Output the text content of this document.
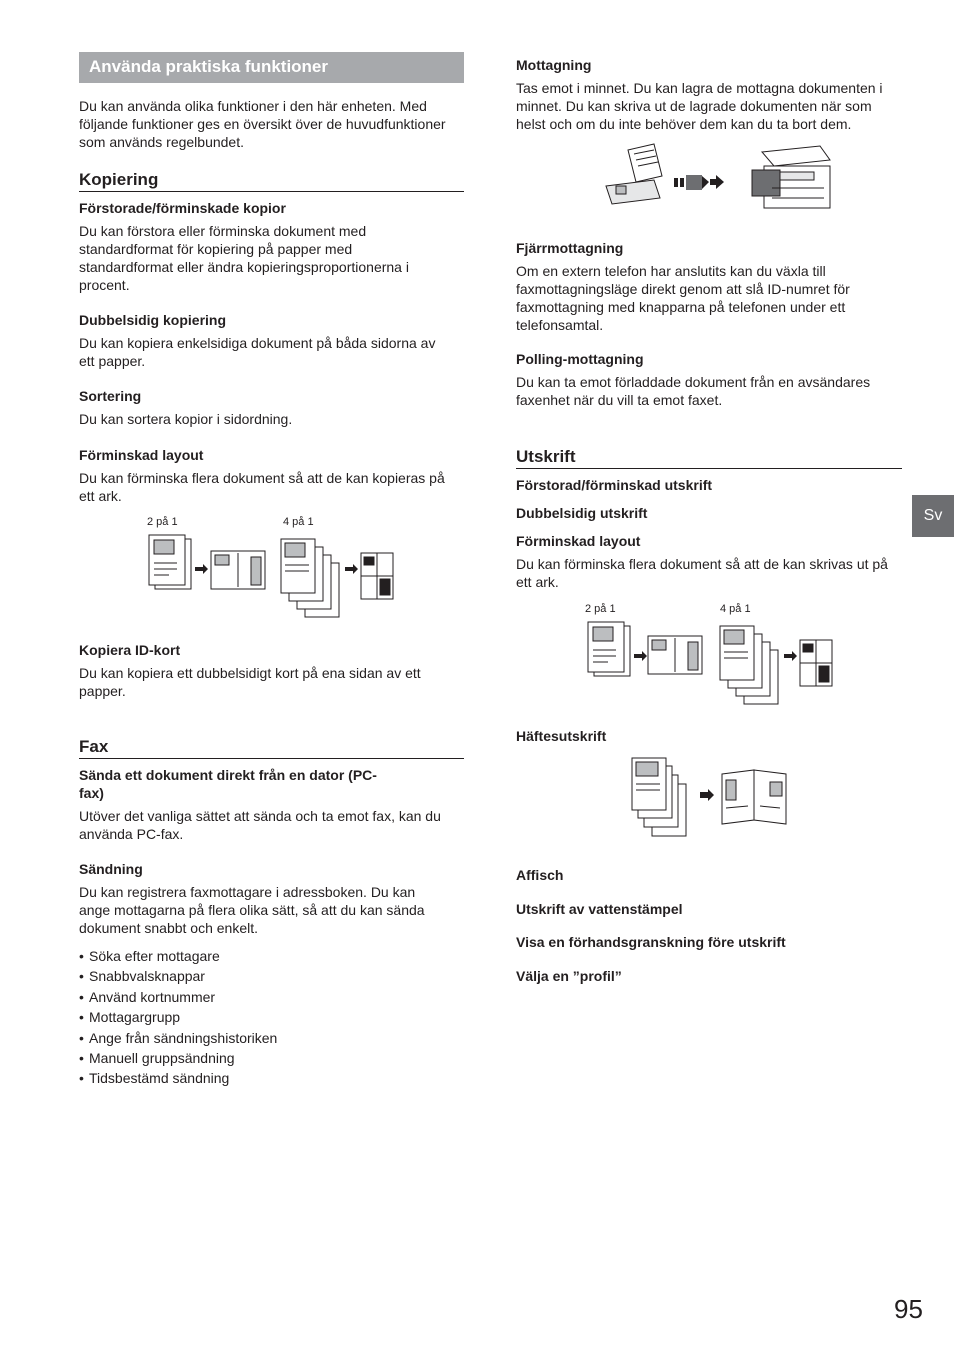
Använda praktiska funktioner

Du kan använda olika funktioner i den här enheten. Med följande funktioner ges en översikt över de huvudfunktioner som används regelbundet.

Kopiering
Förstorade/förminskade kopior

Du kan förstora eller förminska dokument med standardformat för kopiering på papper med standardformat eller ändra kopieringsproportionerna i procent.

Dubbelsidig kopiering

Du kan kopiera enkelsidiga dokument på båda sidorna av ett papper.

Sortering

Du kan sortera kopior i sidordning.

Förminskad layout

Du kan förminska flera dokument så att de kan kopieras på ett ark.

2 på 1	4 på 1
Kopiera ID-kort

Du kan kopiera ett dubbelsidigt kort på ena sidan av ett papper.

Fax
Sända ett dokument direkt från en dator (PC-fax)

Utöver det vanliga sättet att sända och ta emot fax, kan du använda PC-fax.

Sändning

Du kan registrera faxmottagare i adressboken. Du kan ange mottagarna på flera olika sätt, så att du kan sända dokument snabbt och enkelt.

• Söka efter mottagare
• Snabbvalsknappar
• Använd kortnummer
• Mottagargrupp
• Ange från sändningshistoriken
• Manuell gruppsändning
• Tidsbestämd sändning
Mottagning

Tas emot i minnet. Du kan lagra de mottagna dokumenten i minnet. Du kan skriva ut de lagrade dokumenten när som helst och om du inte behöver dem kan du ta bort dem.

Fjärrmottagning

Om en extern telefon har anslutits kan du växla till faxmottagningsläge direkt genom att slå ID-numret för faxmottagning med knapparna på telefonen under ett telefonsamtal.

Polling-mottagning

Du kan ta emot förladdade dokument från en avsändares faxenhet när du vill ta emot faxet.

Utskrift
Förstorad/förminskad utskrift
Dubbelsidig utskrift
Förminskad layout

Du kan förminska flera dokument så att de kan skrivas ut på ett ark.

2 på 1	4 på 1
Häftesutskrift
Affisch
Utskrift av vattenstämpel
Visa en förhandsgranskning före utskrift
Välja en ”profil”
Sv
95
